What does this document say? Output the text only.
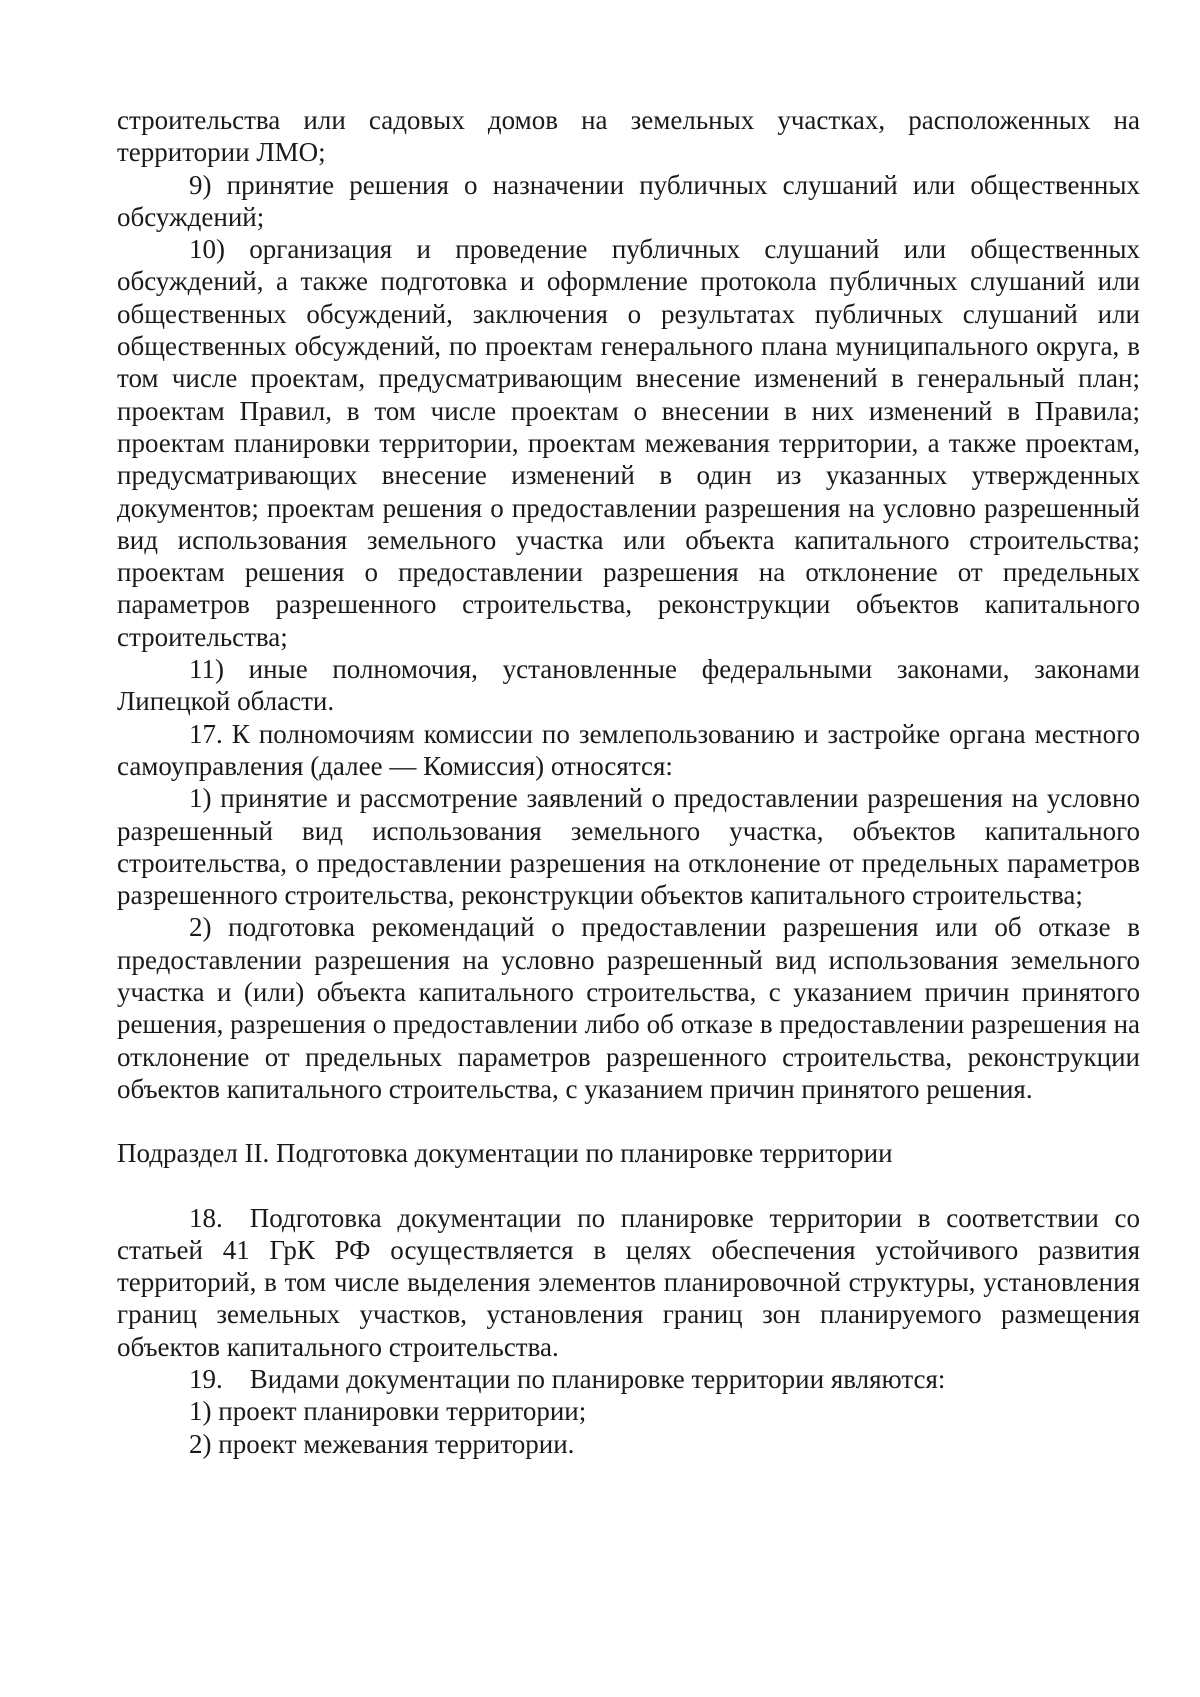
строительства или садовых домов на земельных участках, расположенных на территории ЛМО;

9) принятие решения о назначении публичных слушаний или общественных обсуждений;

10) организация и проведение публичных слушаний или общественных обсуждений, а также подготовка и оформление протокола публичных слушаний или общественных обсуждений, заключения о результатах публичных слушаний или общественных обсуждений, по проектам генерального плана муниципального округа, в том числе проектам, предусматривающим внесение изменений в генеральный план; проектам Правил, в том числе проектам о внесении в них изменений в Правила; проектам планировки территории, проектам межевания территории, а также проектам, предусматривающих внесение изменений в один из указанных утвержденных документов; проектам решения о предоставлении разрешения на условно разрешенный вид использования земельного участка или объекта капитального строительства; проектам решения о предоставлении разрешения на отклонение от предельных параметров разрешенного строительства, реконструкции объектов капитального строительства;

11) иные полномочия, установленные федеральными законами, законами Липецкой области.

17. К полномочиям комиссии по землепользованию и застройке органа местного самоуправления (далее — Комиссия) относятся:

1) принятие и рассмотрение заявлений о предоставлении разрешения на условно разрешенный вид использования земельного участка, объектов капитального строительства, о предоставлении разрешения на отклонение от предельных параметров разрешенного строительства, реконструкции объектов капитального строительства;

2) подготовка рекомендаций о предоставлении разрешения или об отказе в предоставлении разрешения на условно разрешенный вид использования земельного участка и (или) объекта капитального строительства, с указанием причин принятого решения, разрешения о предоставлении либо об отказе в предоставлении разрешения на отклонение от предельных параметров разрешенного строительства, реконструкции объектов капитального строительства, с указанием причин принятого решения.

Подраздел II. Подготовка документации по планировке территории

18. Подготовка документации по планировке территории в соответствии со статьей 41 ГрК РФ осуществляется в целях обеспечения устойчивого развития территорий, в том числе выделения элементов планировочной структуры, установления границ земельных участков, установления границ зон планируемого размещения объектов капитального строительства.

19. Видами документации по планировке территории являются:

1) проект планировки территории;

2) проект межевания территории.
